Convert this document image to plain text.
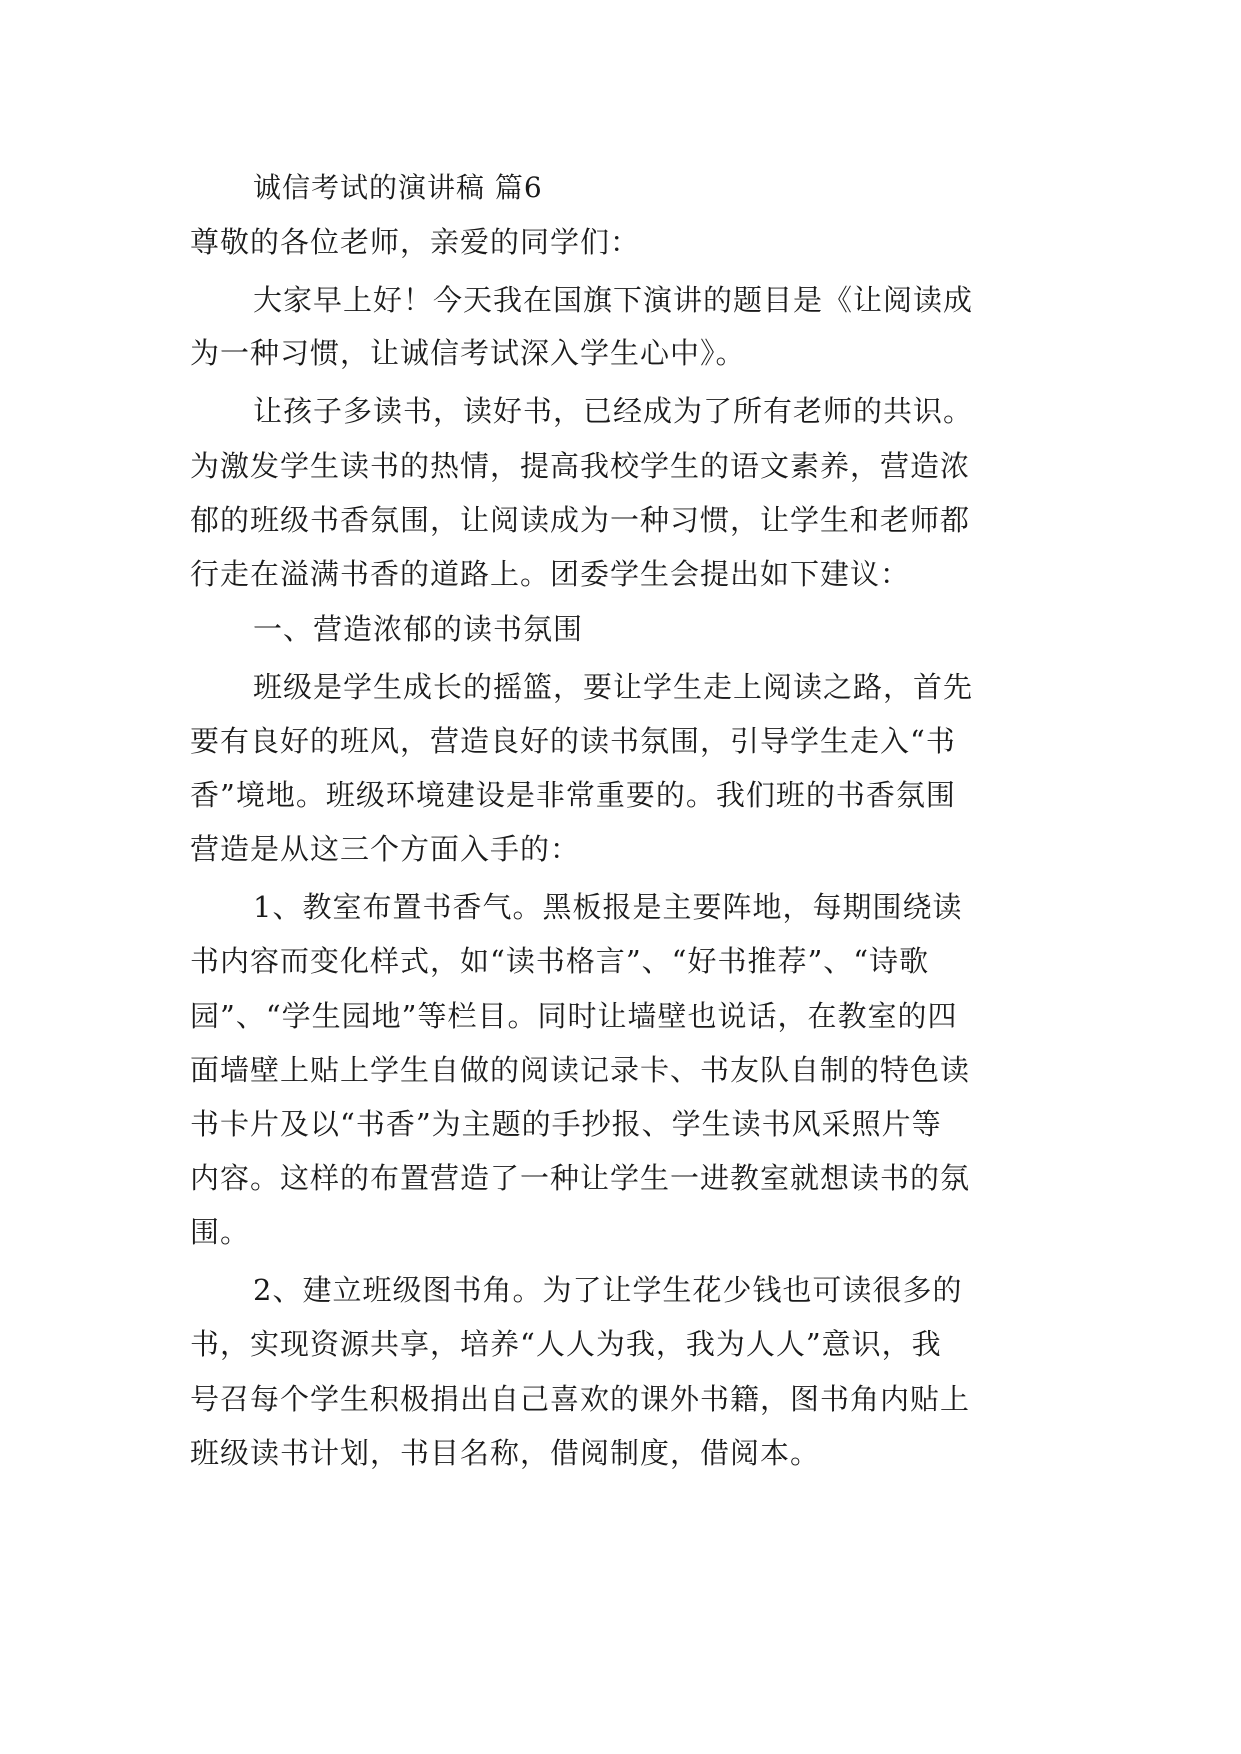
诚信考试的演讲稿 篇6
尊敬的各位老师，亲爱的同学们：
大家早上好！今天我在国旗下演讲的题目是《让阅读成
为一种习惯，让诚信考试深入学生心中》。
让孩子多读书，读好书，已经成为了所有老师的共识。
为激发学生读书的热情，提高我校学生的语文素养，营造浓
郁的班级书香氛围，让阅读成为一种习惯，让学生和老师都
行走在溢满书香的道路上。团委学生会提出如下建议：
一、营造浓郁的读书氛围
班级是学生成长的摇篮，要让学生走上阅读之路，首先
要有良好的班风，营造良好的读书氛围，引导学生走入“书
香”境地。班级环境建设是非常重要的。我们班的书香氛围
营造是从这三个方面入手的：
1、教室布置书香气。黑板报是主要阵地，每期围绕读
书内容而变化样式，如“读书格言”、“好书推荐”、“诗歌
园”、“学生园地”等栏目。同时让墙壁也说话，在教室的四
面墙壁上贴上学生自做的阅读记录卡、书友队自制的特色读
书卡片及以“书香”为主题的手抄报、学生读书风采照片等
内容。这样的布置营造了一种让学生一进教室就想读书的氛
围。
2、建立班级图书角。为了让学生花少钱也可读很多的
书，实现资源共享，培养“人人为我，我为人人”意识，我
号召每个学生积极捐出自己喜欢的课外书籍，图书角内贴上
班级读书计划，书目名称，借阅制度，借阅本。
